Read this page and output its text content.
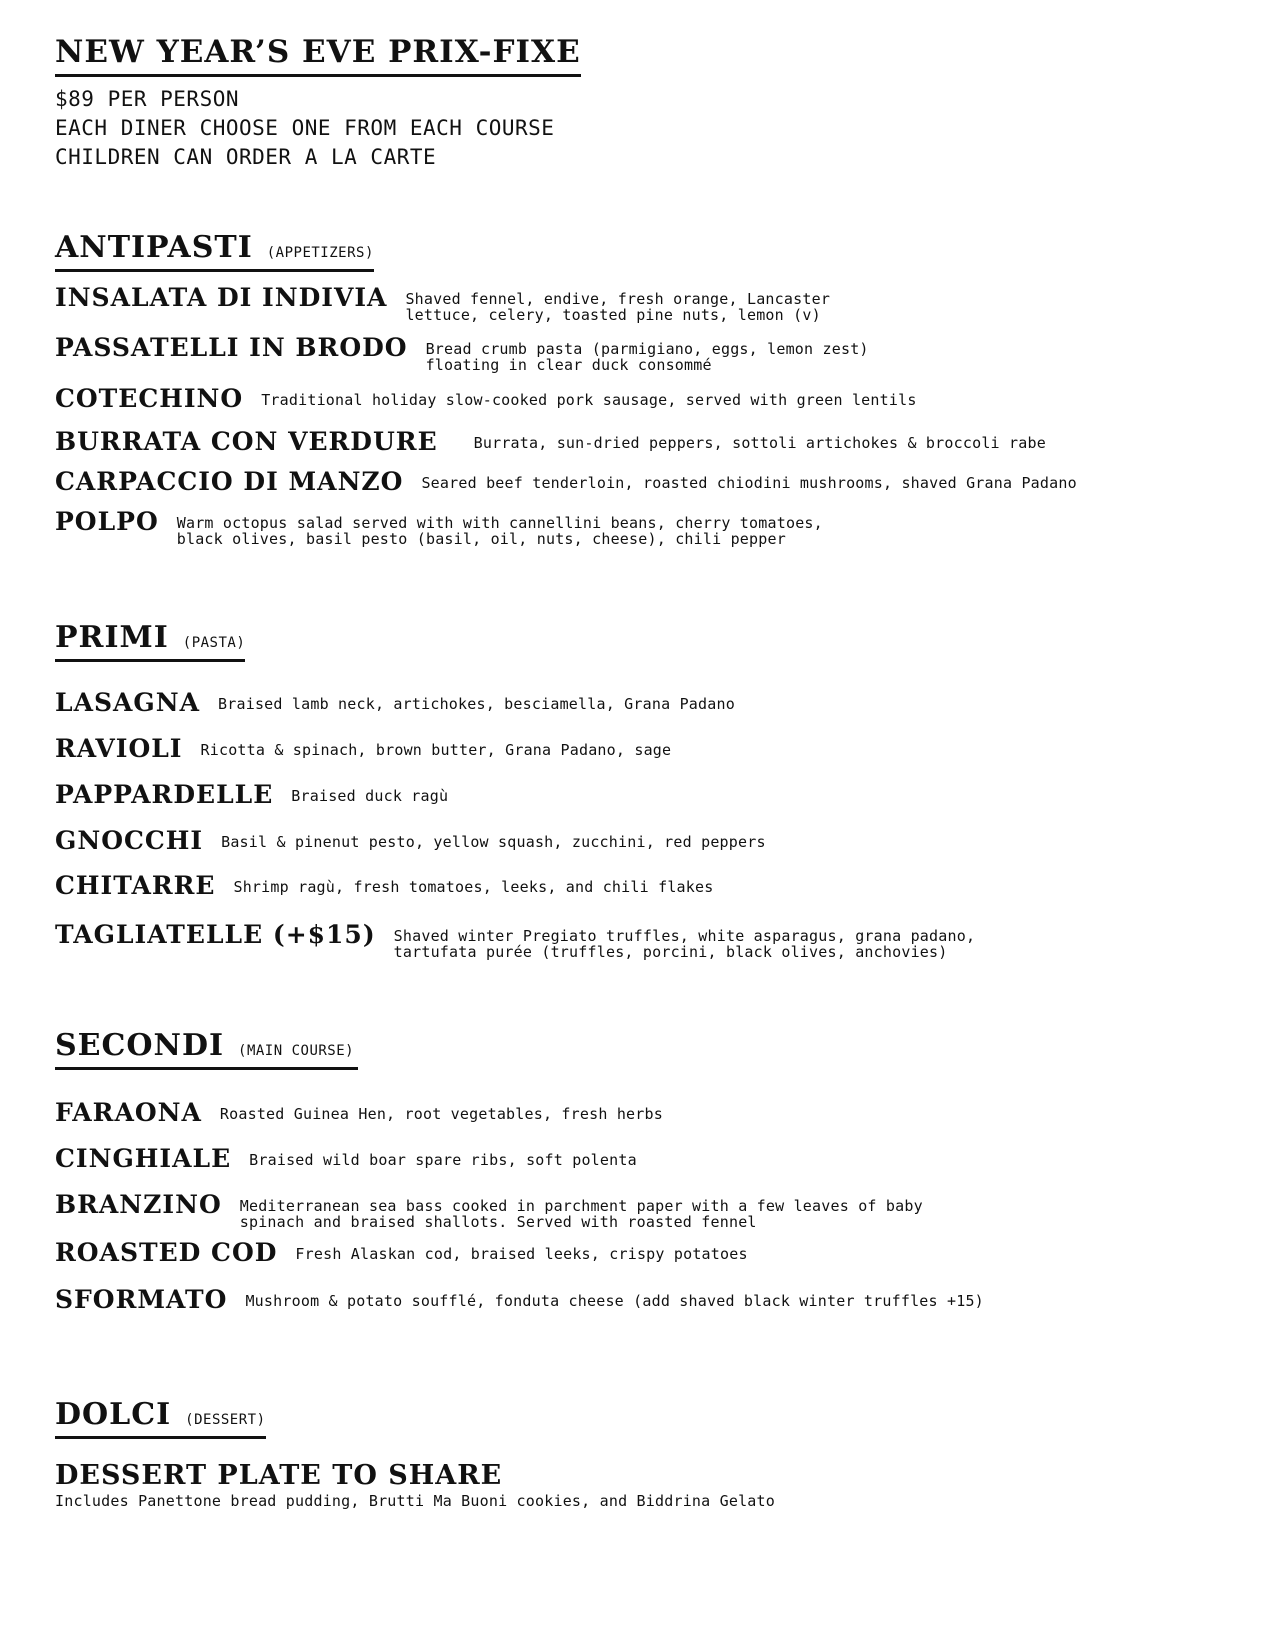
NEW YEAR’S EVE PRIX-FIXE
$89 PER PERSON
EACH DINER CHOOSE ONE FROM EACH COURSE
CHILDREN CAN ORDER A LA CARTE
ANTIPASTI (APPETIZERS)
INSALATA DI INDIVIA Shaved fennel, endive, fresh orange, Lancaster
lettuce, celery, toasted pine nuts, lemon (v)
PASSATELLI IN BRODO Bread crumb pasta (parmigiano, eggs, lemon zest)
floating in clear duck consommé
COTECHINO Traditional holiday slow-cooked pork sausage, served with green lentils
BURRATA CON VERDURE Burrata, sun-dried peppers, sottoli artichokes & broccoli rabe
CARPACCIO DI MANZO Seared beef tenderloin, roasted chiodini mushrooms, shaved Grana Padano
POLPO Warm octopus salad served with with cannellini beans, cherry tomatoes,
black olives, basil pesto (basil, oil, nuts, cheese), chili pepper
PRIMI (PASTA)
LASAGNA Braised lamb neck, artichokes, besciamella, Grana Padano
RAVIOLI Ricotta & spinach, brown butter, Grana Padano, sage
PAPPARDELLE Braised duck ragù
GNOCCHI Basil & pinenut pesto, yellow squash, zucchini, red peppers
CHITARRE Shrimp ragù, fresh tomatoes, leeks, and chili flakes
TAGLIATELLE (+$15) Shaved winter Pregiato truffles, white asparagus, grana padano,
tartufata purée (truffles, porcini, black olives, anchovies)
SECONDI (MAIN COURSE)
FARAONA Roasted Guinea Hen, root vegetables, fresh herbs
CINGHIALE Braised wild boar spare ribs, soft polenta
BRANZINO Mediterranean sea bass cooked in parchment paper with a few leaves of baby
spinach and braised shallots. Served with roasted fennel
ROASTED COD Fresh Alaskan cod, braised leeks, crispy potatoes
SFORMATO Mushroom & potato soufflé, fonduta cheese (add shaved black winter truffles +15)
DOLCI (DESSERT)
DESSERT PLATE TO SHARE
Includes Panettone bread pudding, Brutti Ma Buoni cookies, and Biddrina Gelato
